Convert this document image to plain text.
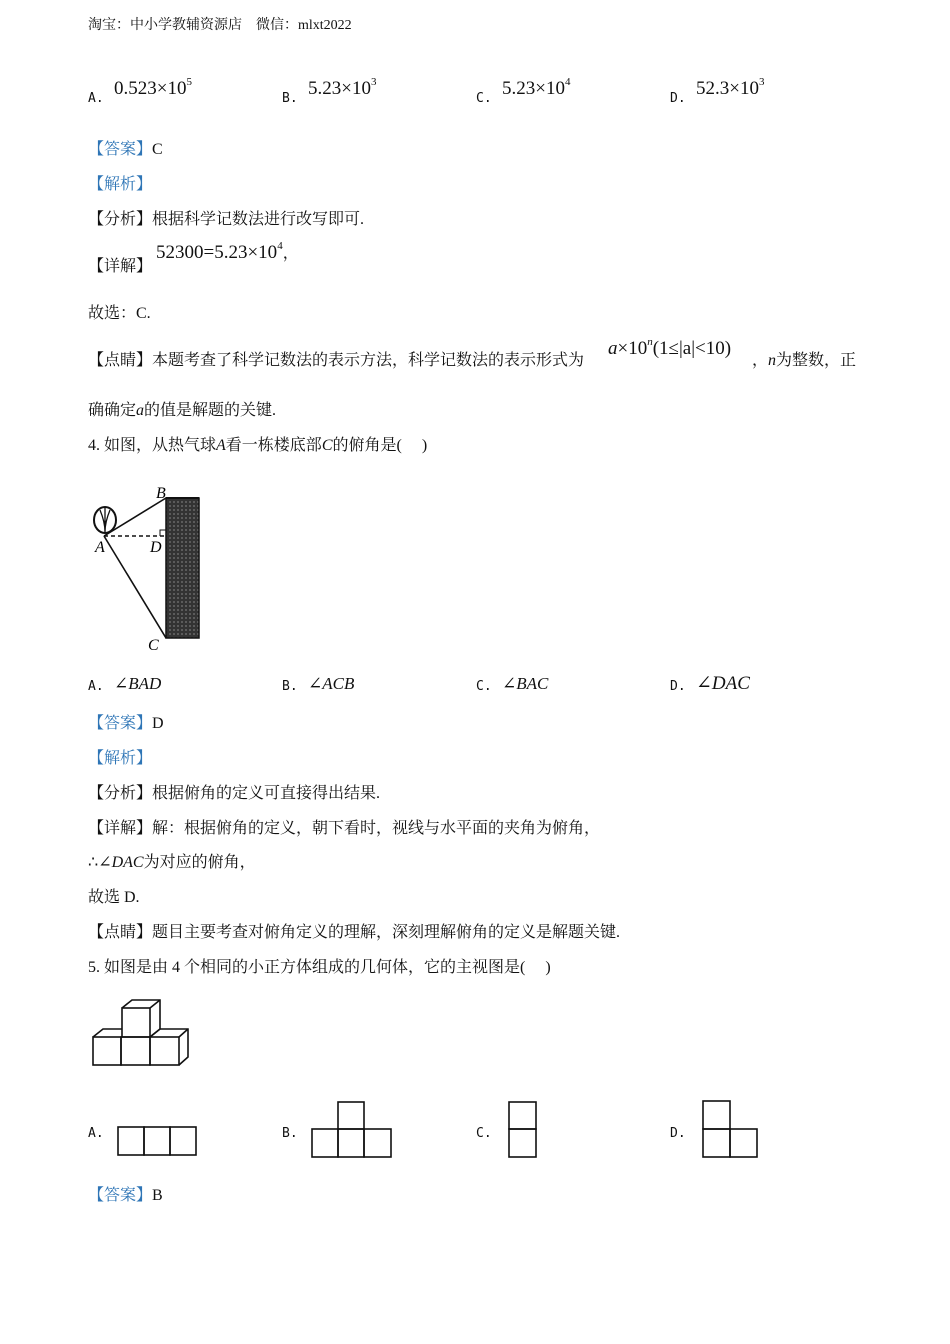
淘宝：中小学教辅资源店　微信：mlxt2022
A. $0.523\times 10^5$
B. $5.23\times 10^3$
C. $5.23\times 10^4$
D. $52.3\times 10^3$
【答案】C
【解析】
【分析】根据科学记数法进行改写即可.
【详解】
$52300=5.23\times 10^4$，
故选：C.
【点睛】本题考查了科学记数法的表示方法，科学记数法的表示形式为
$a\times 10^n(1\le|a|<10)$
，n为整数，正
确确定a的值是解题的关键.
4. 如图，从热气球A看一栋楼底部C的俯角是(　 )
B
D
A
C
A. ∠BAD	B. ∠ACB	C. ∠BAC	D. ∠DAC
【答案】D
【解析】
【分析】根据俯角的定义可直接得出结果.
【详解】解：根据俯角的定义，朝下看时，视线与水平面的夹角为俯角，
∴∠DAC为对应的俯角，
故选 D.
【点睛】题目主要考查对俯角定义的理解，深刻理解俯角的定义是解题关键.
5. 如图是由 4 个相同的小正方体组成的几何体，它的主视图是(　 )
A.	B.	C.	D.
【答案】B
